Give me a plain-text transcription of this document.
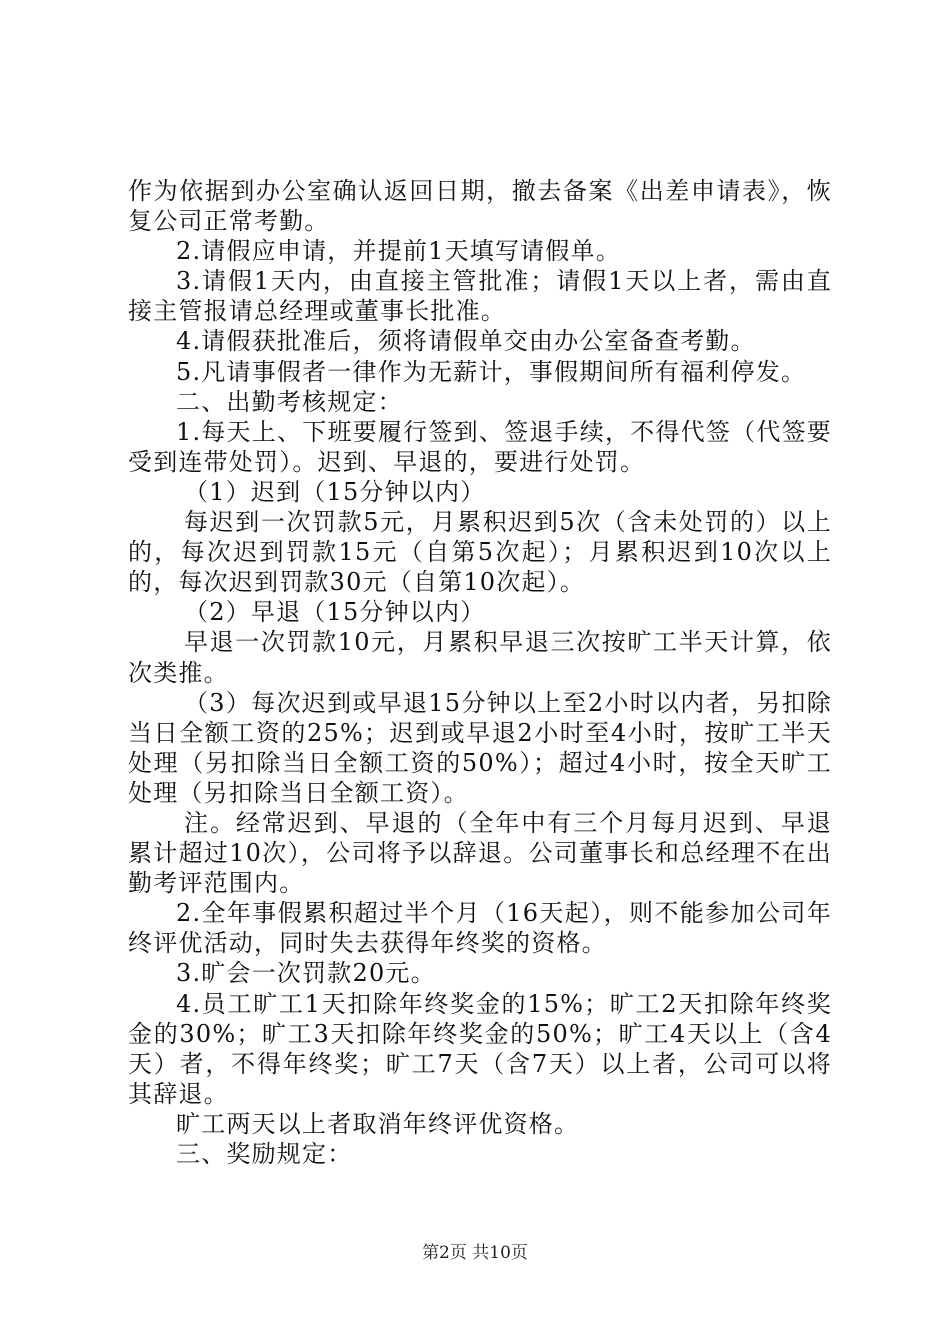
作为依据到办公室确认返回日期，撤去备案《出差申请表》，恢复公司正常考勤。

2.请假应申请，并提前1天填写请假单。

3.请假1天内，由直接主管批准；请假1天以上者，需由直接主管报请总经理或董事长批准。

4.请假获批准后，须将请假单交由办公室备查考勤。

5.凡请事假者一律作为无薪计，事假期间所有福利停发。

二、出勤考核规定：

1.每天上、下班要履行签到、签退手续，不得代签（代签要受到连带处罚）。迟到、早退的，要进行处罚。

（1）迟到（15分钟以内）

每迟到一次罚款5元，月累积迟到5次（含未处罚的）以上的，每次迟到罚款15元（自第5次起）；月累积迟到10次以上的，每次迟到罚款30元（自第10次起）。

（2）早退（15分钟以内）

早退一次罚款10元，月累积早退三次按旷工半天计算，依次类推。

（3）每次迟到或早退15分钟以上至2小时以内者，另扣除当日全额工资的25%；迟到或早退2小时至4小时，按旷工半天处理（另扣除当日全额工资的50%）；超过4小时，按全天旷工处理（另扣除当日全额工资）。

注。经常迟到、早退的（全年中有三个月每月迟到、早退累计超过10次），公司将予以辞退。公司董事长和总经理不在出勤考评范围内。

2.全年事假累积超过半个月（16天起），则不能参加公司年终评优活动，同时失去获得年终奖的资格。

3.旷会一次罚款20元。

4.员工旷工1天扣除年终奖金的15%；旷工2天扣除年终奖金的30%；旷工3天扣除年终奖金的50%；旷工4天以上（含4天）者，不得年终奖；旷工7天（含7天）以上者，公司可以将其辞退。

旷工两天以上者取消年终评优资格。

三、奖励规定：

第2页 共10页
